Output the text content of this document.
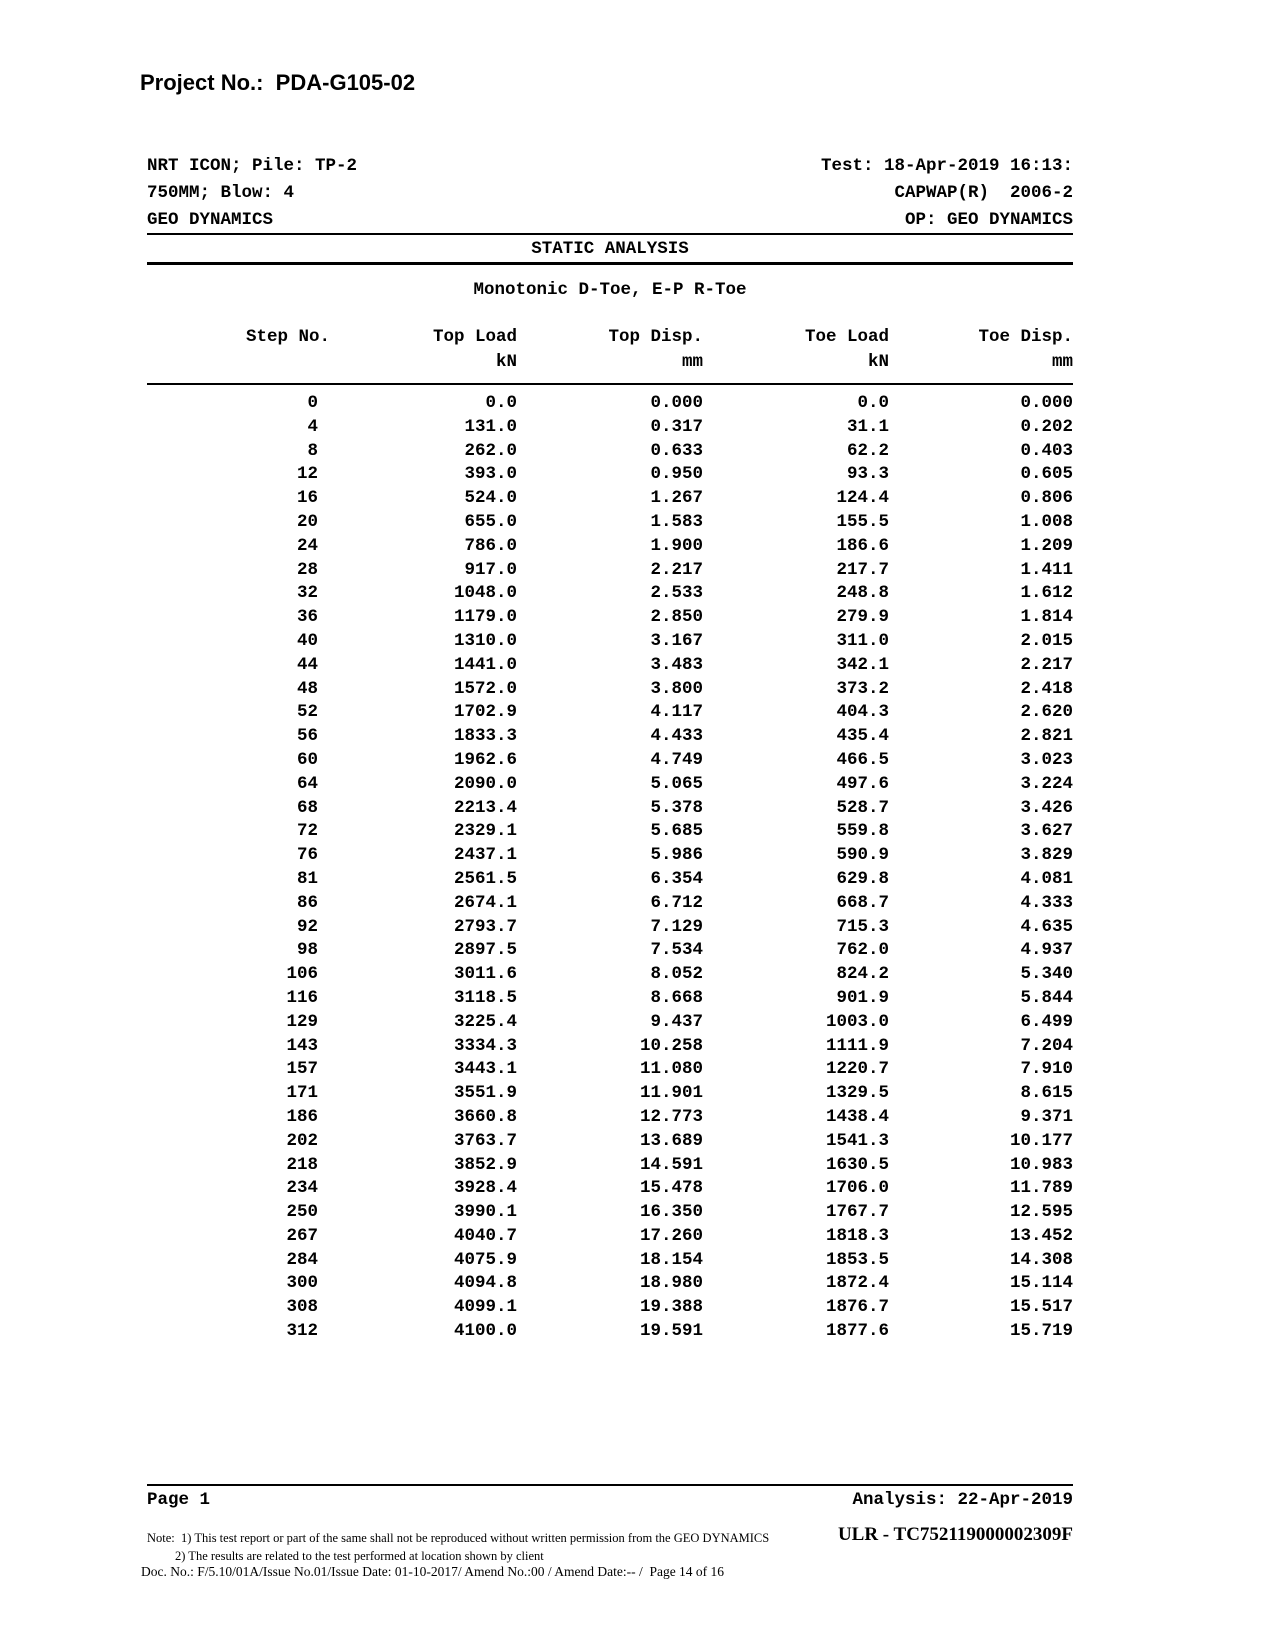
Project No.:  PDA-G105-02
NRT ICON; Pile: TP-2
750MM; Blow: 4
GEO DYNAMICS
Test: 18-Apr-2019 16:13:
CAPWAP(R)  2006-2
OP: GEO DYNAMICS
STATIC ANALYSIS
Monotonic D-Toe, E-P R-Toe
Step No.	Top Load	Top Disp.	Toe Load	Toe Disp.
kN	mm	kN	mm
0	0.0	0.000	0.0	0.000
4	131.0	0.317	31.1	0.202
8	262.0	0.633	62.2	0.403
12	393.0	0.950	93.3	0.605
16	524.0	1.267	124.4	0.806
20	655.0	1.583	155.5	1.008
24	786.0	1.900	186.6	1.209
28	917.0	2.217	217.7	1.411
32	1048.0	2.533	248.8	1.612
36	1179.0	2.850	279.9	1.814
40	1310.0	3.167	311.0	2.015
44	1441.0	3.483	342.1	2.217
48	1572.0	3.800	373.2	2.418
52	1702.9	4.117	404.3	2.620
56	1833.3	4.433	435.4	2.821
60	1962.6	4.749	466.5	3.023
64	2090.0	5.065	497.6	3.224
68	2213.4	5.378	528.7	3.426
72	2329.1	5.685	559.8	3.627
76	2437.1	5.986	590.9	3.829
81	2561.5	6.354	629.8	4.081
86	2674.1	6.712	668.7	4.333
92	2793.7	7.129	715.3	4.635
98	2897.5	7.534	762.0	4.937
106	3011.6	8.052	824.2	5.340
116	3118.5	8.668	901.9	5.844
129	3225.4	9.437	1003.0	6.499
143	3334.3	10.258	1111.9	7.204
157	3443.1	11.080	1220.7	7.910
171	3551.9	11.901	1329.5	8.615
186	3660.8	12.773	1438.4	9.371
202	3763.7	13.689	1541.3	10.177
218	3852.9	14.591	1630.5	10.983
234	3928.4	15.478	1706.0	11.789
250	3990.1	16.350	1767.7	12.595
267	4040.7	17.260	1818.3	13.452
284	4075.9	18.154	1853.5	14.308
300	4094.8	18.980	1872.4	15.114
308	4099.1	19.388	1876.7	15.517
312	4100.0	19.591	1877.6	15.719
Page 1	Analysis: 22-Apr-2019
ULR - TC752119000002309F
Note:  1) This test report or part of the same shall not be reproduced without written permission from the GEO DYNAMICS
2) The results are related to the test performed at location shown by client
Doc. No.: F/5.10/01A/Issue No.01/Issue Date: 01-10-2017/ Amend No.:00 / Amend Date:-- /  Page 14 of 16
